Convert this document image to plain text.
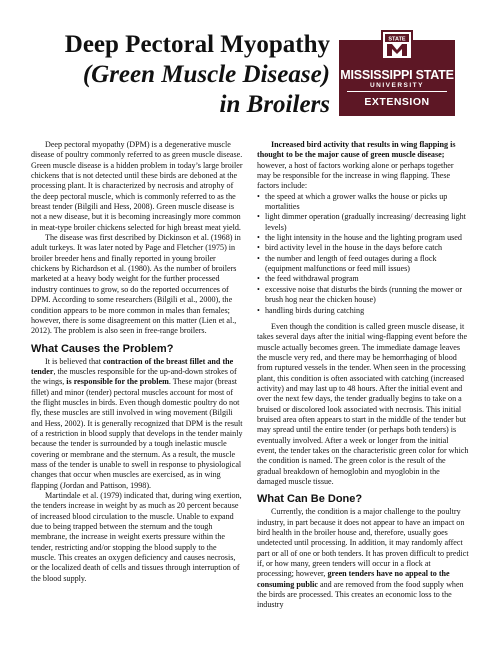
Deep Pectoral Myopathy
(Green Muscle Disease)
in Broilers
STATE
MISSISSIPPI STATE
UNIVERSITY
EXTENSION

Deep pectoral myopathy (DPM) is a degenerative muscle disease of poultry commonly referred to as green muscle disease. Green muscle disease is a hidden problem in today’s large broiler chickens that is not detected until these birds are deboned at the processing plant. It is characterized by necrosis and atrophy of the deep pectoral muscle, which is commonly referred to as the breast tender (Bilgili and Hess, 2008). Green muscle disease is not a new disease, but it is becoming increasingly more common in meat-type broiler chickens selected for high breast meat yield.

The disease was first described by Dickinson et al. (1968) in adult turkeys. It was later noted by Page and Fletcher (1975) in broiler breeder hens and finally reported in young broiler chickens by Richardson et al. (1980). As the number of broilers marketed at a heavy body weight for the further processed industry continues to grow, so do the reported occurrences of DPM. According to some researchers (Bilgili et al., 2000), the condition appears to be more common in males than females; however, there is some disagreement on this matter (Lien et al., 2012). The problem is also seen in free-range broilers.

What Causes the Problem?

It is believed that contraction of the breast fillet and the tender, the muscles responsible for the up-and-down strokes of the wings, is responsible for the problem. These major (breast fillet) and minor (tender) pectoral muscles account for most of the flight muscles in birds. Even though domestic poultry do not fly, these muscles are still involved in wing movement (Bilgili and Hess, 2002). It is generally recognized that DPM is the result of a restriction in blood supply that develops in the tender mainly because the tender is surrounded by a tough inelastic muscle covering or membrane and the sternum. As a result, the muscle mass of the tender is unable to swell in response to physiological changes that occur when muscles are exercised, as in wing flapping (Jordan and Pattison, 1998).

Martindale et al. (1979) indicated that, during wing exertion, the tenders increase in weight by as much as 20 percent because of increased blood circulation to the muscle. Unable to expand due to being trapped between the sternum and the tough membrane, the increase in weight exerts pressure within the tender, restricting and/or stopping the blood supply to the muscle. This creates an oxygen deficiency and causes necrosis, or the localized death of cells and tissues through interruption of the blood supply.

Increased bird activity that results in wing flapping is thought to be the major cause of green muscle disease; however, a host of factors working alone or perhaps together may be responsible for the increase in wing flapping. These factors include:

• the speed at which a grower walks the house or picks up mortalities
• light dimmer operation (gradually increasing/ decreasing light levels)
• the light intensity in the house and the lighting program used
• bird activity level in the house in the days before catch
• the number and length of feed outages during a flock (equipment malfunctions or feed mill issues)
• the feed withdrawal program
• excessive noise that disturbs the birds (running the mower or brush hog near the chicken house)
• handling birds during catching

Even though the condition is called green muscle disease, it takes several days after the initial wing-flapping event before the muscle actually becomes green. The immediate damage leaves the muscle very red, and there may be hemorrhaging of blood from ruptured vessels in the tender. When seen in the processing plant, this condition is often associated with catching (increased activity) and may last up to 48 hours. After the initial event and over the next few days, the tender gradually begins to take on a bruised or discolored look associated with necrosis. This initial bruised area often appears to start in the middle of the tender but may spread until the entire tender (or perhaps both tenders) is eventually involved. After a week or longer from the initial event, the tender takes on the characteristic green color for which the condition is named. The green color is the result of the gradual breakdown of hemoglobin and myoglobin in the damaged muscle tissue.

What Can Be Done?

Currently, the condition is a major challenge to the poultry industry, in part because it does not appear to have an impact on bird health in the broiler house and, therefore, usually goes undetected until processing. In addition, it may randomly affect part or all of one or both tenders. It has proven difficult to predict if, or how many, green tenders will occur in a flock at processing; however, green tenders have no appeal to the consuming public and are removed from the food supply when the birds are processed. This creates an economic loss to the industry
